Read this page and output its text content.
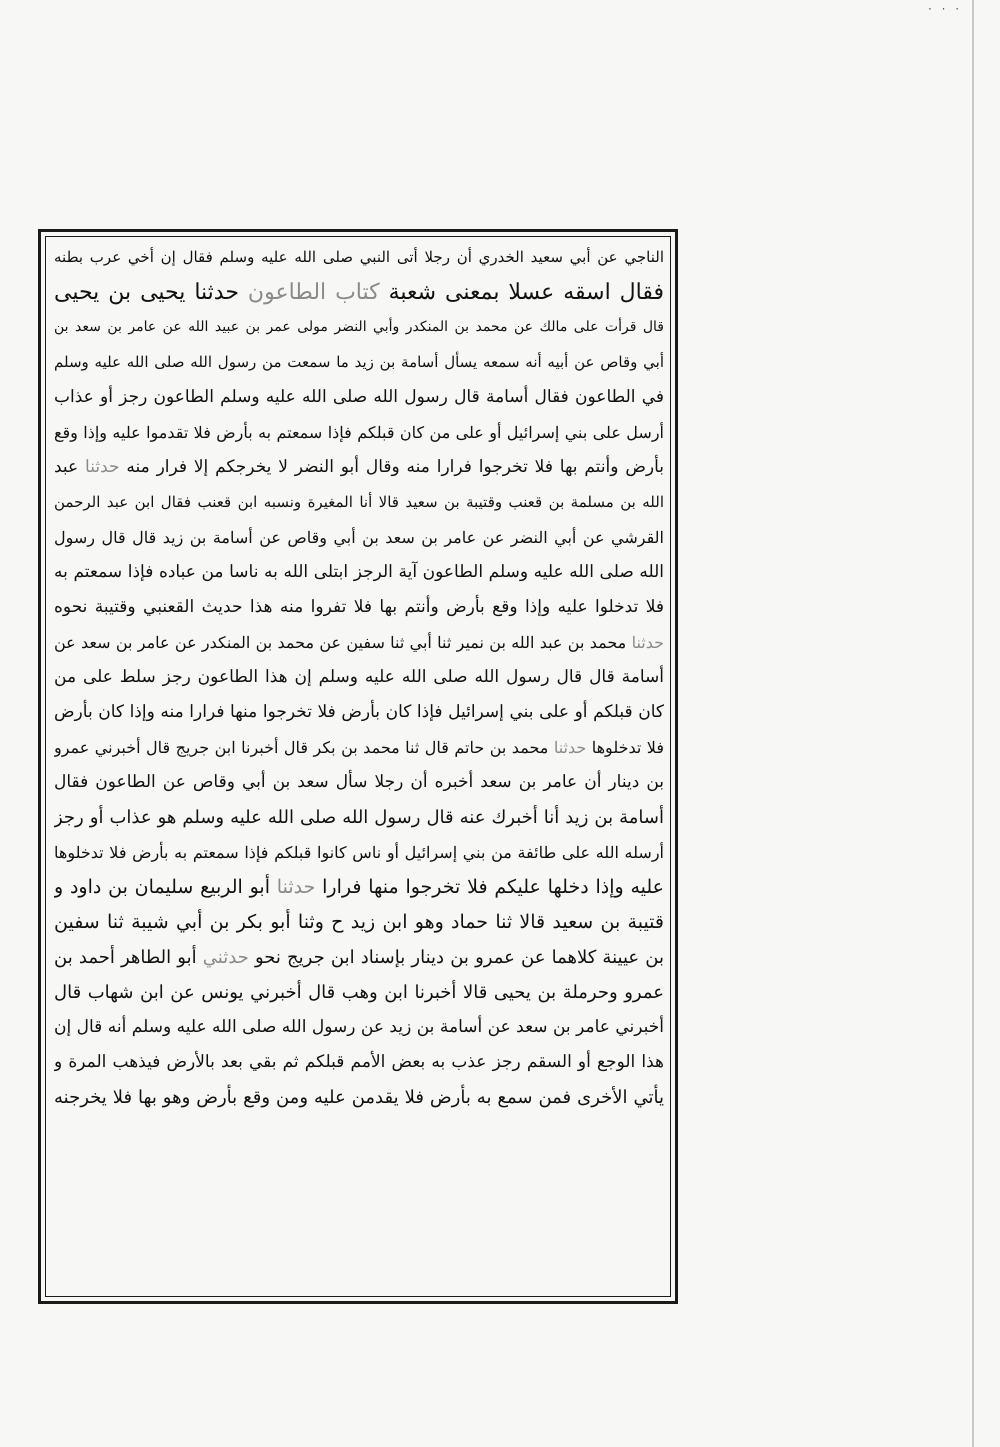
· · ·
الناجي عن أبي سعيد الخدري أن رجلا أتى النبي صلى الله عليه وسلم فقال إن أخي عرب بطنه
فقال اسقه عسلا بمعنى شعبة كتاب الطاعون حدثنا يحيى بن يحيى
قال قرأت على مالك عن محمد بن المنكدر وأبي النضر مولى عمر بن عبيد الله عن عامر بن سعد بن
أبي وقاص عن أبيه أنه سمعه يسأل أسامة بن زيد ما سمعت من رسول الله صلى الله عليه وسلم
في الطاعون فقال أسامة قال رسول الله صلى الله عليه وسلم الطاعون رجز أو عذاب
أرسل على بني إسرائيل أو على من كان قبلكم فإذا سمعتم به بأرض فلا تقدموا عليه وإذا وقع
بأرض وأنتم بها فلا تخرجوا فرارا منه وقال أبو النضر لا يخرجكم إلا فرار منه حدثنا عبد
الله بن مسلمة بن قعنب وقتيبة بن سعيد قالا أنا المغيرة ونسبه ابن قعنب فقال ابن عبد الرحمن
القرشي عن أبي النضر عن عامر بن سعد بن أبي وقاص عن أسامة بن زيد قال قال رسول
الله صلى الله عليه وسلم الطاعون آية الرجز ابتلى الله به ناسا من عباده فإذا سمعتم به
فلا تدخلوا عليه وإذا وقع بأرض وأنتم بها فلا تفروا منه هذا حديث القعنبي وقتيبة نحوه
حدثنا محمد بن عبد الله بن نمير ثنا أبي ثنا سفين عن محمد بن المنكدر عن عامر بن سعد عن
أسامة قال قال رسول الله صلى الله عليه وسلم إن هذا الطاعون رجز سلط على من
كان قبلكم أو على بني إسرائيل فإذا كان بأرض فلا تخرجوا منها فرارا منه وإذا كان بأرض
فلا تدخلوها حدثنا محمد بن حاتم قال ثنا محمد بن بكر قال أخبرنا ابن جريج قال أخبرني عمرو
بن دينار أن عامر بن سعد أخبره أن رجلا سأل سعد بن أبي وقاص عن الطاعون فقال
أسامة بن زيد أنا أخبرك عنه قال رسول الله صلى الله عليه وسلم هو عذاب أو رجز
أرسله الله على طائفة من بني إسرائيل أو ناس كانوا قبلكم فإذا سمعتم به بأرض فلا تدخلوها
عليه وإذا دخلها عليكم فلا تخرجوا منها فرارا حدثنا أبو الربيع سليمان بن داود و
قتيبة بن سعيد قالا ثنا حماد وهو ابن زيد ح وثنا أبو بكر بن أبي شيبة ثنا سفين
بن عيينة كلاهما عن عمرو بن دينار بإسناد ابن جريج نحو حدثني أبو الطاهر أحمد بن
عمرو وحرملة بن يحيى قالا أخبرنا ابن وهب قال أخبرني يونس عن ابن شهاب قال
أخبرني عامر بن سعد عن أسامة بن زيد عن رسول الله صلى الله عليه وسلم أنه قال إن
هذا الوجع أو السقم رجز عذب به بعض الأمم قبلكم ثم بقي بعد بالأرض فيذهب المرة و
يأتي الأخرى فمن سمع به بأرض فلا يقدمن عليه ومن وقع بأرض وهو بها فلا يخرجنه
